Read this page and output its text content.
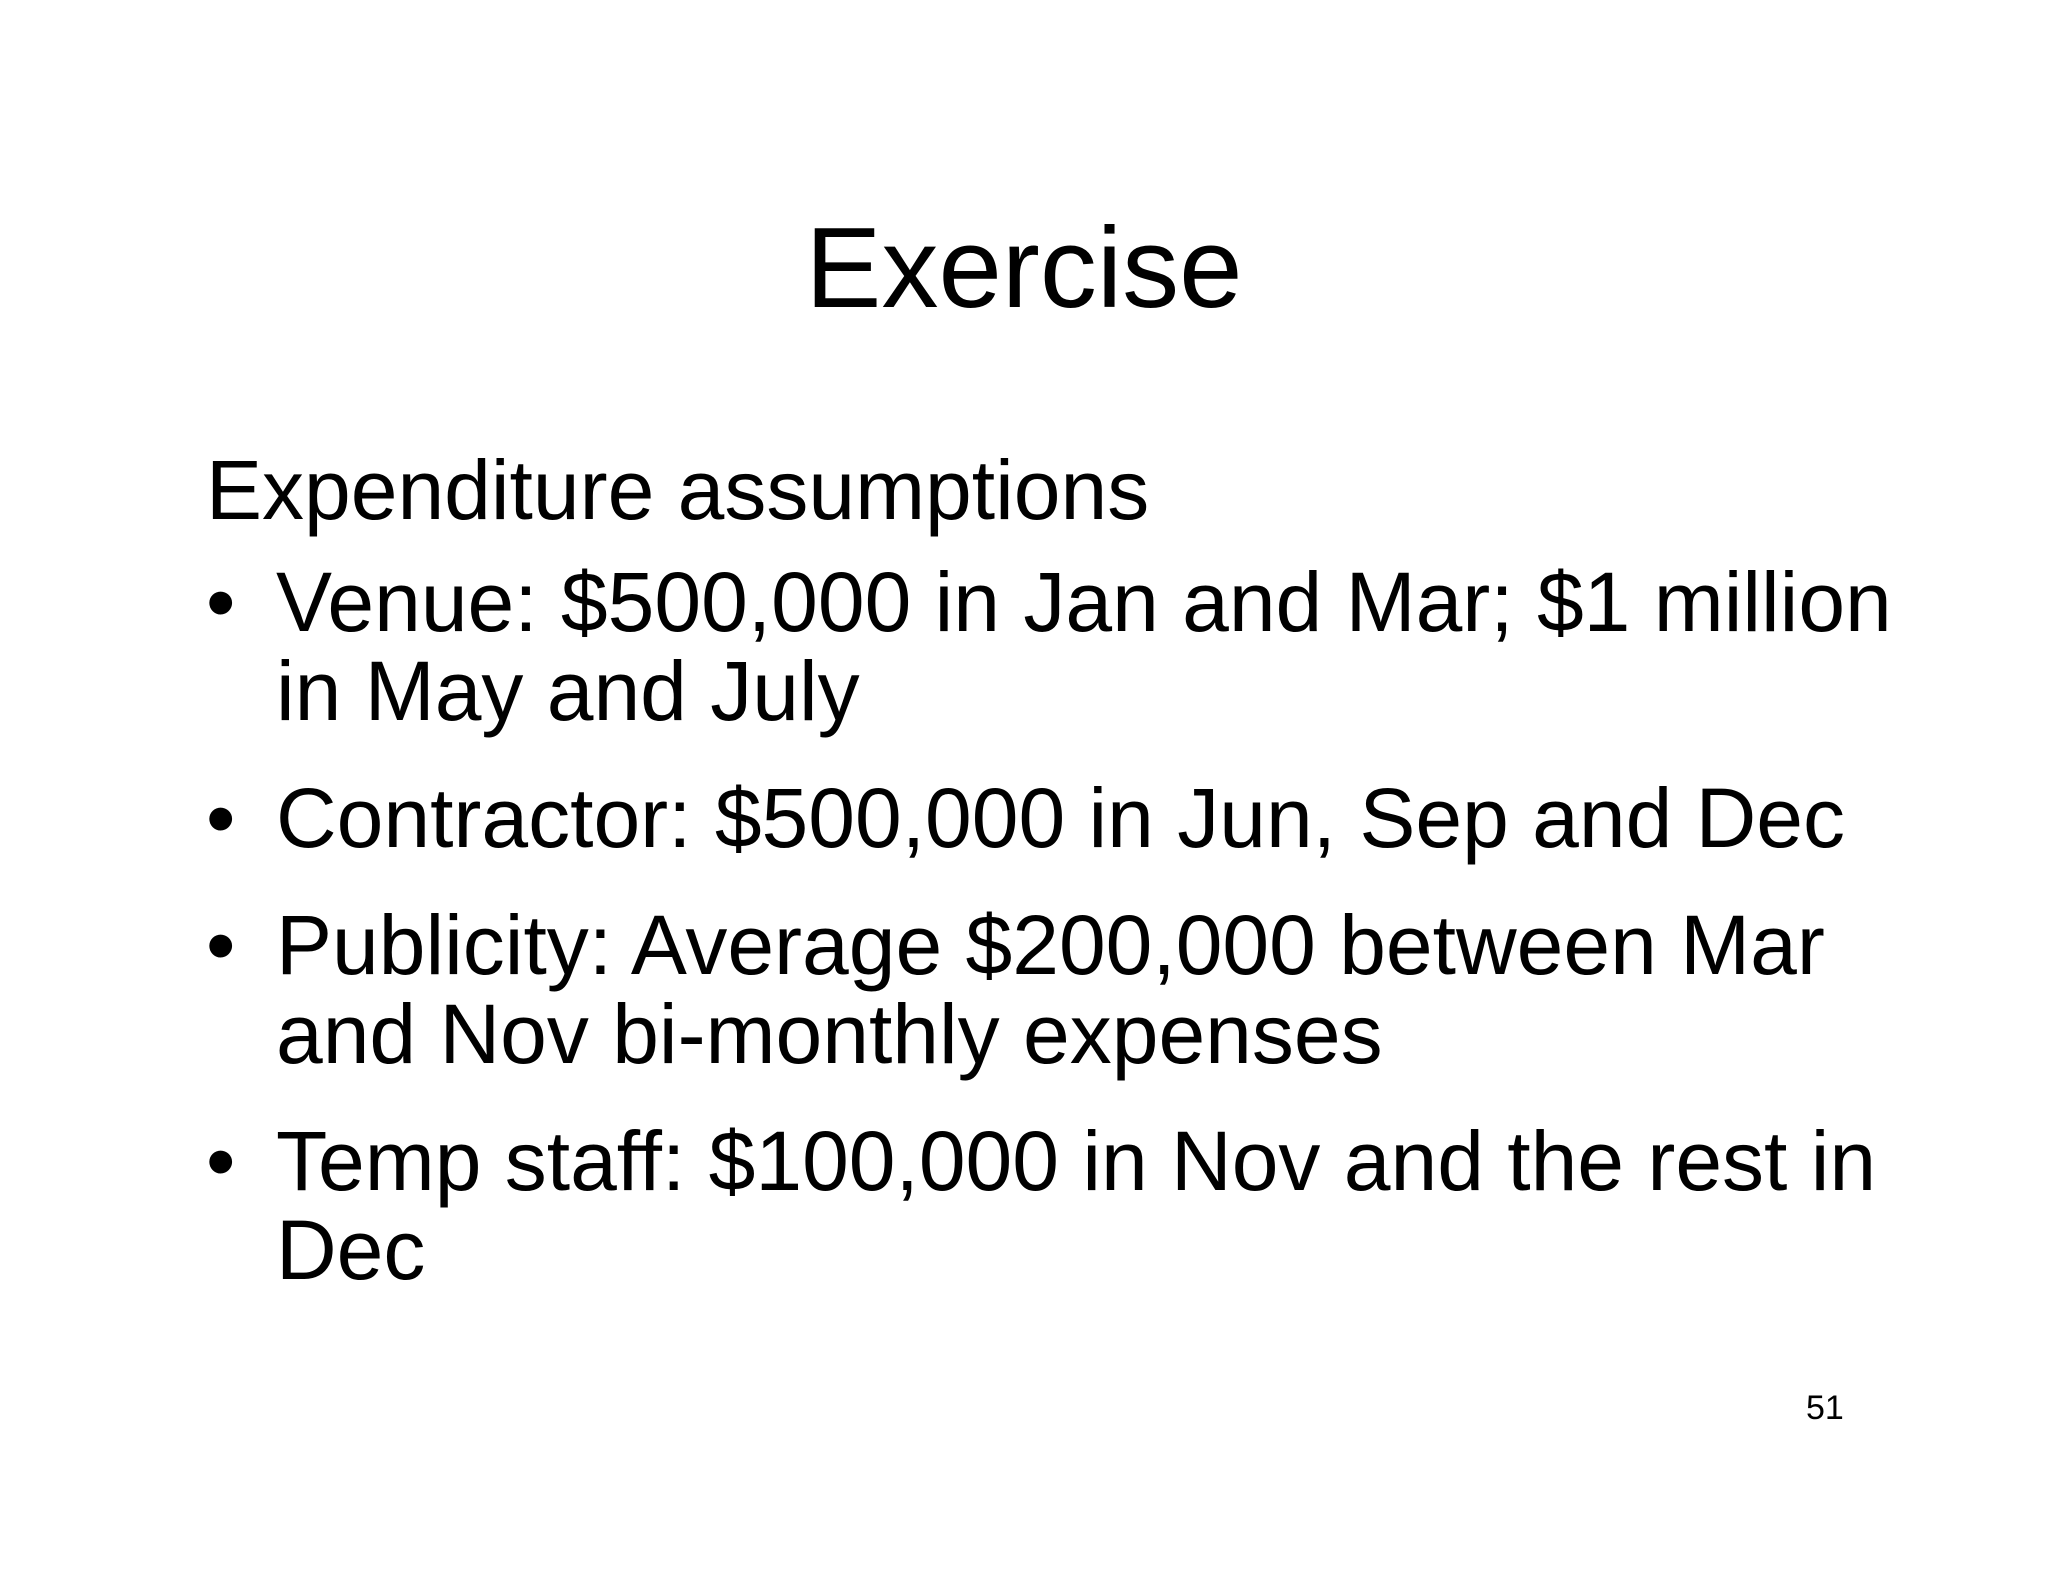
Exercise

Expenditure assumptions

• Venue: $500,000 in Jan and Mar; $1 million in May and July
• Contractor: $500,000 in Jun, Sep and Dec
• Publicity: Average $200,000 between Mar and Nov bi-monthly expenses
• Temp staff: $100,000 in Nov and the rest in Dec
51
